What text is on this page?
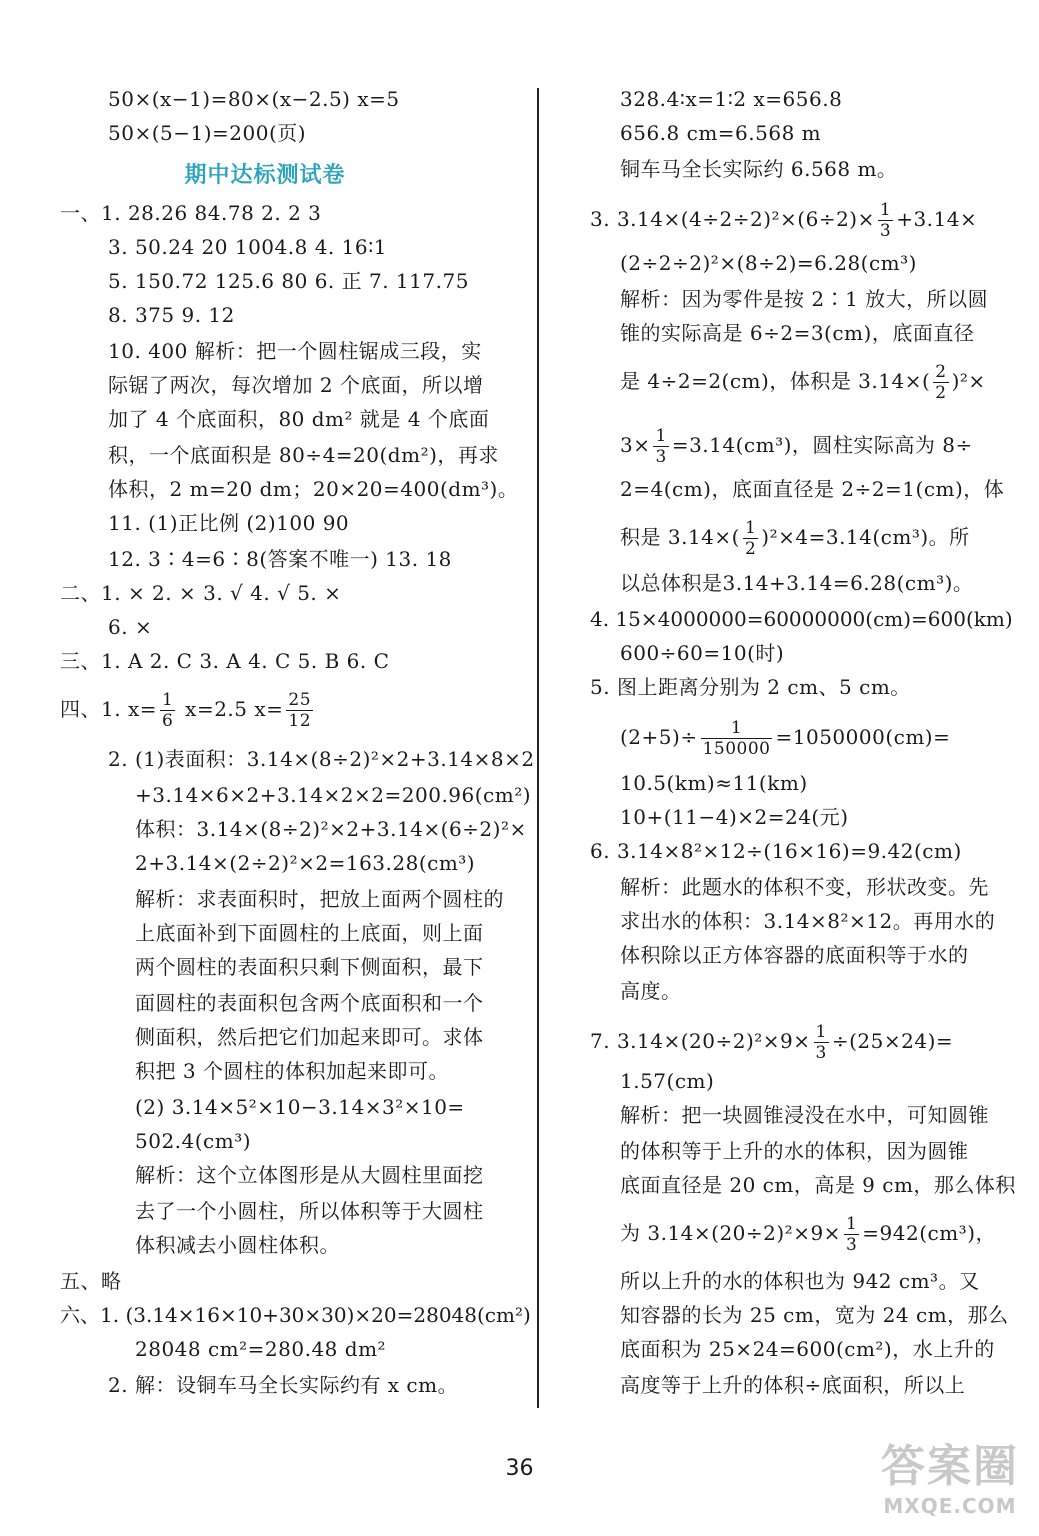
50×(x−1)=80×(x−2.5) x=5
50×(5−1)=200(页)
期中达标测试卷
一、1. 28.26 84.78 2. 2 3
3. 50.24 20 1004.8 4. 16∶1
5. 150.72 125.6 80 6. 正 7. 117.75
8. 375 9. 12
10. 400 解析：把一个圆柱锯成三段，实
际锯了两次，每次增加 2 个底面，所以增
加了 4 个底面积，80 dm² 就是 4 个底面
积，一个底面积是 80÷4=20(dm²)，再求
体积，2 m=20 dm；20×20=400(dm³)。
11. (1)正比例 (2)100 90
12. 3∶4=6∶8(答案不唯一) 13. 18
二、1. × 2. × 3. √ 4. √ 5. ×
6. ×
三、1. A 2. C 3. A 4. C 5. B 6. C
四、1. $x= \frac{1}{6} x=2.5$ $x= \frac{25}{12}$
2. (1)表面积：3.14×(8÷2)²×2+3.14×8×2
+3.14×6×2+3.14×2×2=200.96(cm²)
体积：3.14×(8÷2)²×2+3.14×(6÷2)²×
2+3.14×(2÷2)²×2=163.28(cm³)
解析：求表面积时，把放上面两个圆柱的
上底面补到下面圆柱的上底面，则上面
两个圆柱的表面积只剩下侧面积，最下
面圆柱的表面积包含两个底面积和一个
侧面积，然后把它们加起来即可。求体
积把 3 个圆柱的体积加起来即可。
(2) 3.14×5²×10−3.14×3²×10=
502.4(cm³)
解析：这个立体图形是从大圆柱里面挖
去了一个小圆柱，所以体积等于大圆柱
体积减去小圆柱体积。
五、略
六、1. (3.14×16×10+30×30)×20=28048(cm²)
28048 cm²=280.48 dm²
2. 解：设铜车马全长实际约有 x cm。
328.4∶x=1∶2 x=656.8
656.8 cm=6.568 m
铜车马全长实际约 6.568 m。
3. $3.14\times(4\div 2\div 2)^2\times(6\div 2)\times \frac{1}{3} +3.14\times$
(2÷2÷2)²×(8÷2)=6.28(cm³)
解析：因为零件是按 2∶1 放大，所以圆
锥的实际高是 6÷2=3(cm)，底面直径
是 4÷2=2(cm)，体积是 $3.14\times( \frac{2}{2} )^2\times$
$3\times \frac{1}{3} =3.14(cm^3)$，圆柱实际高为 8÷
2=4(cm)，底面直径是 2÷2=1(cm)，体
积是 $3.14\times( \frac{1}{2} )^2\times 4=3.14(cm^3)$。所
以总体积是3.14+3.14=6.28(cm³)。
4. 15×4000000=60000000(cm)=600(km)
600÷60=10(时)
5. 图上距离分别为 2 cm、5 cm。
$(2+5)\div \frac{1}{150000} =1050000(cm)=$
10.5(km)≈11(km)
10+(11−4)×2=24(元)
6. 3.14×8²×12÷(16×16)=9.42(cm)
解析：此题水的体积不变，形状改变。先
求出水的体积：3.14×8²×12。再用水的
体积除以正方体容器的底面积等于水的
高度。
7. $3.14\times(20\div 2)^2\times 9\times \frac{1}{3} \div(25\times 24)=$
1.57(cm)
解析：把一块圆锥浸没在水中，可知圆锥
的体积等于上升的水的体积，因为圆锥
底面直径是 20 cm，高是 9 cm，那么体积
为 $3.14\times(20\div 2)^2\times 9\times \frac{1}{3} =942(cm^3)$，
所以上升的水的体积也为 942 cm³。又
知容器的长为 25 cm，宽为 24 cm，那么
底面积为 25×24=600(cm²)，水上升的
高度等于上升的体积÷底面积，所以上
36	答案圈
MXQE.COM
